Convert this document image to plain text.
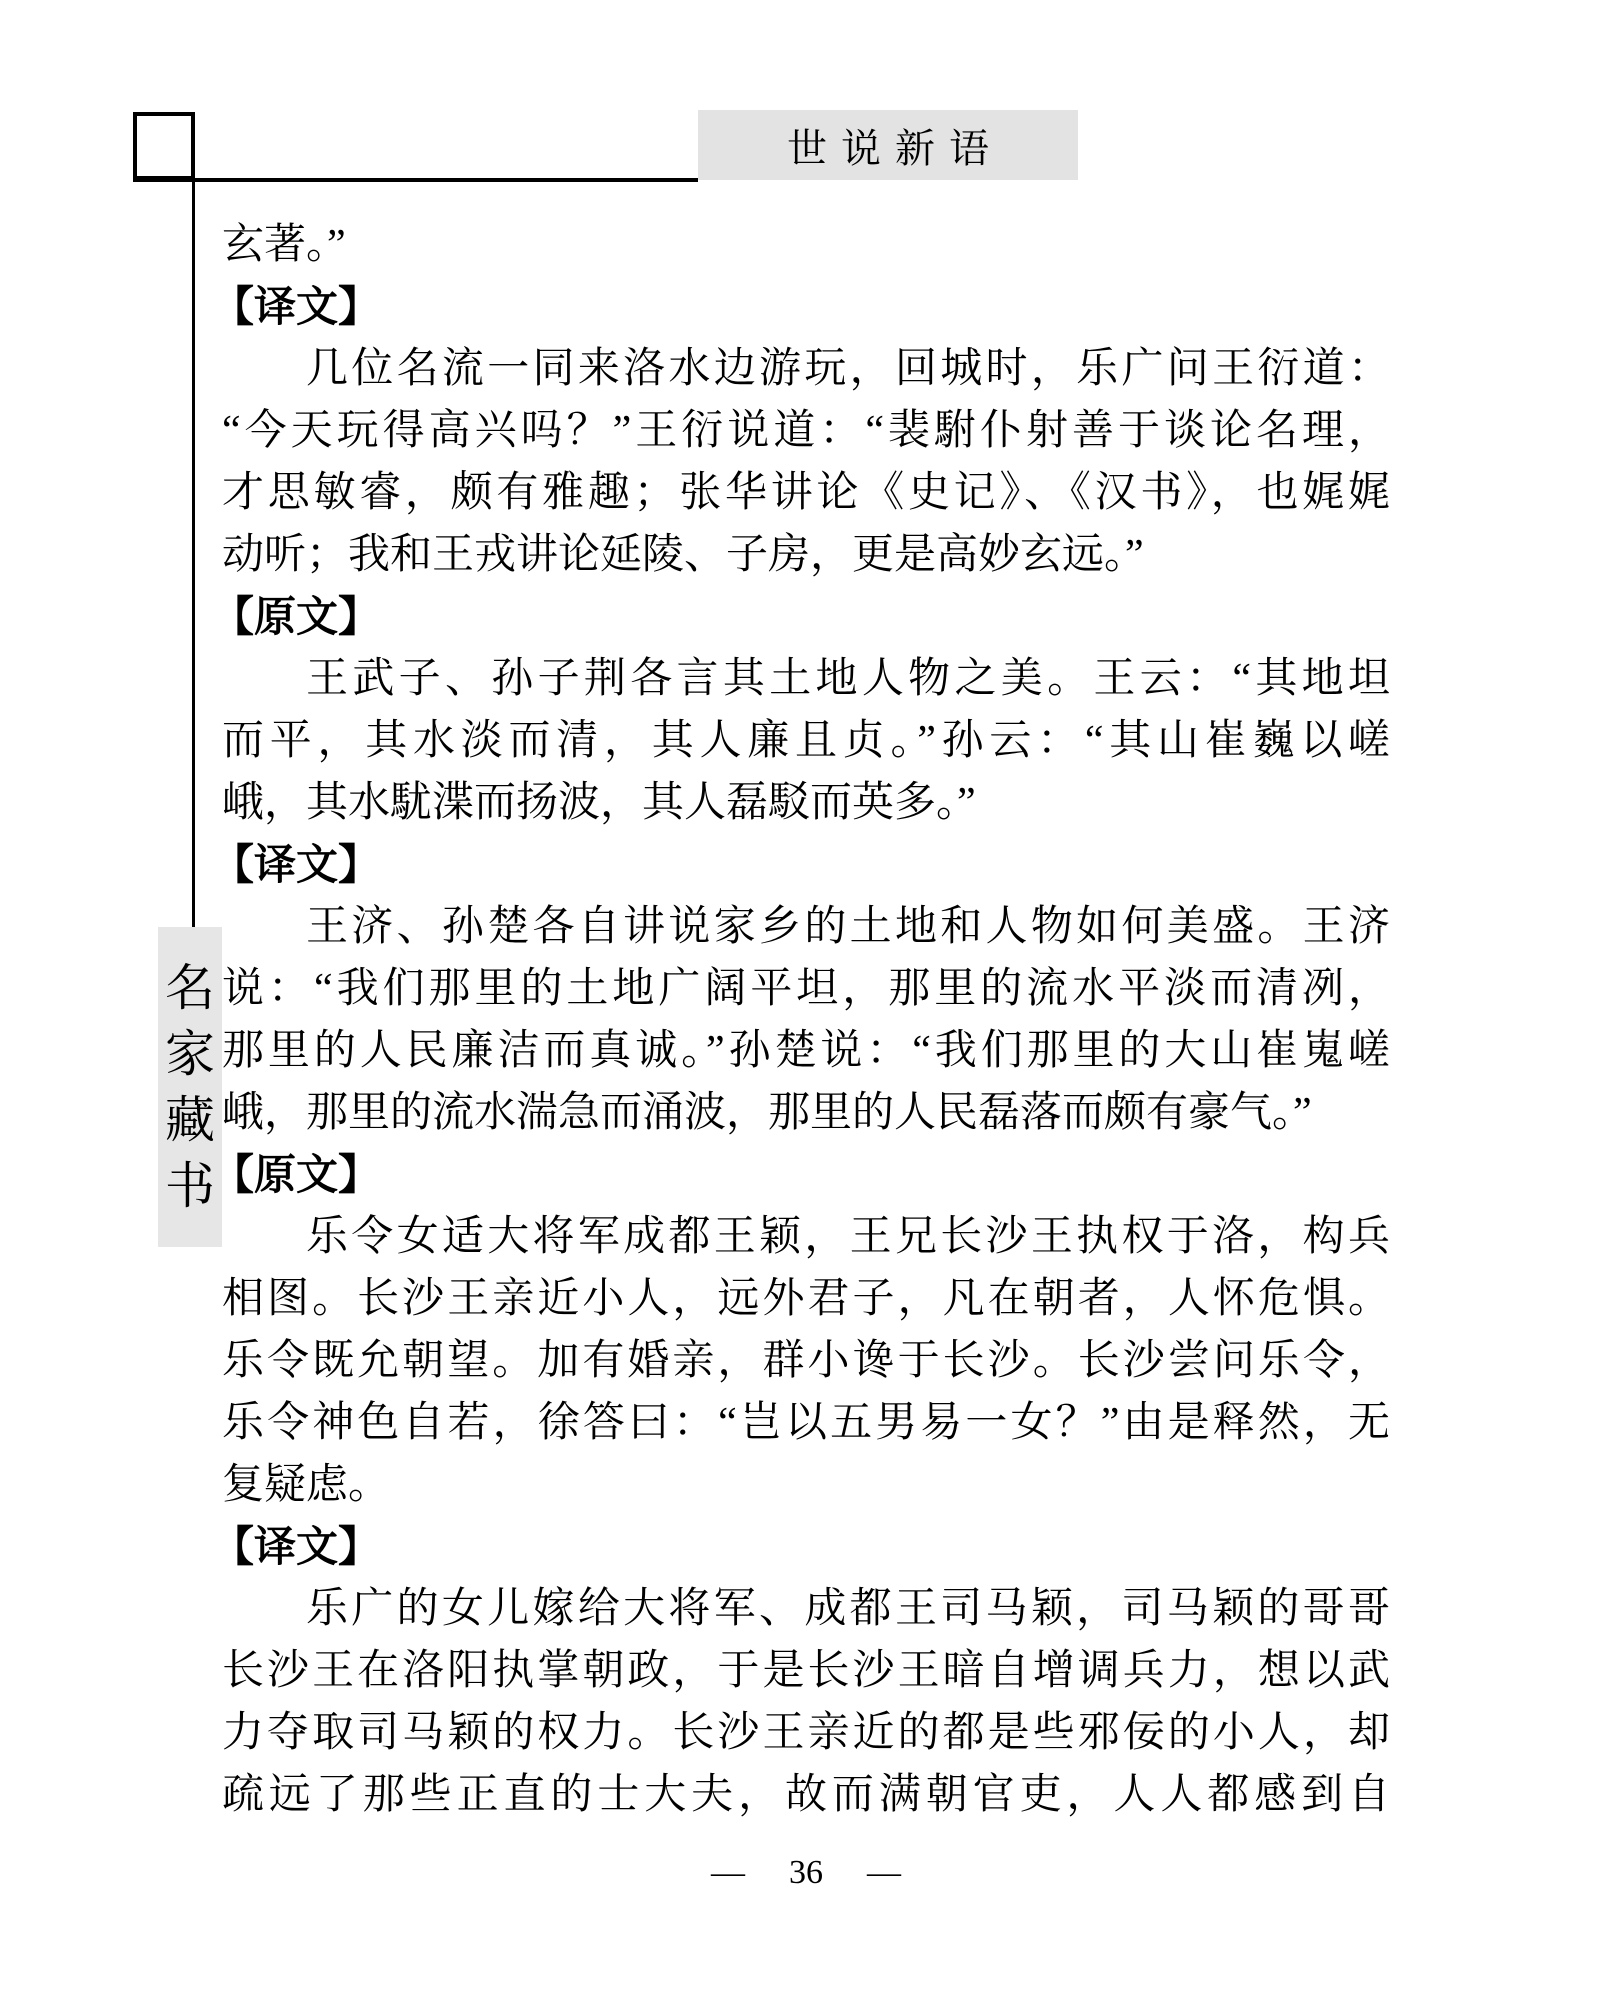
世说新语
名
家
藏
书
玄著。”
【译文】
几位名流一同来洛水边游玩，回城时，乐广问王衍道：
“今天玩得高兴吗？”王衍说道：“裴駙仆射善于谈论名理，
才思敏睿，颇有雅趣；张华讲论《史记》、《汉书》，也娓娓
动听；我和王戎讲论延陵、子房，更是高妙玄远。”
【原文】
王武子、孙子荆各言其土地人物之美。王云：“其地坦
而平，其水淡而清，其人廉且贞。”孙云：“其山崔巍以嵯
峨，其水駀渫而扬波，其人磊駁而英多。”
【译文】
王济、孙楚各自讲说家乡的土地和人物如何美盛。王济
说：“我们那里的土地广阔平坦，那里的流水平淡而清冽，
那里的人民廉洁而真诚。”孙楚说：“我们那里的大山崔嵬嵯
峨，那里的流水湍急而涌波，那里的人民磊落而颇有豪气。”
【原文】
乐令女适大将军成都王颖，王兄长沙王执权于洛，构兵
相图。长沙王亲近小人，远外君子，凡在朝者，人怀危惧。
乐令既允朝望。加有婚亲，群小谗于长沙。长沙尝问乐令，
乐令神色自若，徐答曰：“岂以五男易一女？”由是释然，无
复疑虑。
【译文】
乐广的女儿嫁给大将军、成都王司马颖，司马颖的哥哥
长沙王在洛阳执掌朝政，于是长沙王暗自增调兵力，想以武
力夺取司马颖的权力。长沙王亲近的都是些邪佞的小人，却
疏远了那些正直的士大夫，故而满朝官吏，人人都感到自
— 36 —
